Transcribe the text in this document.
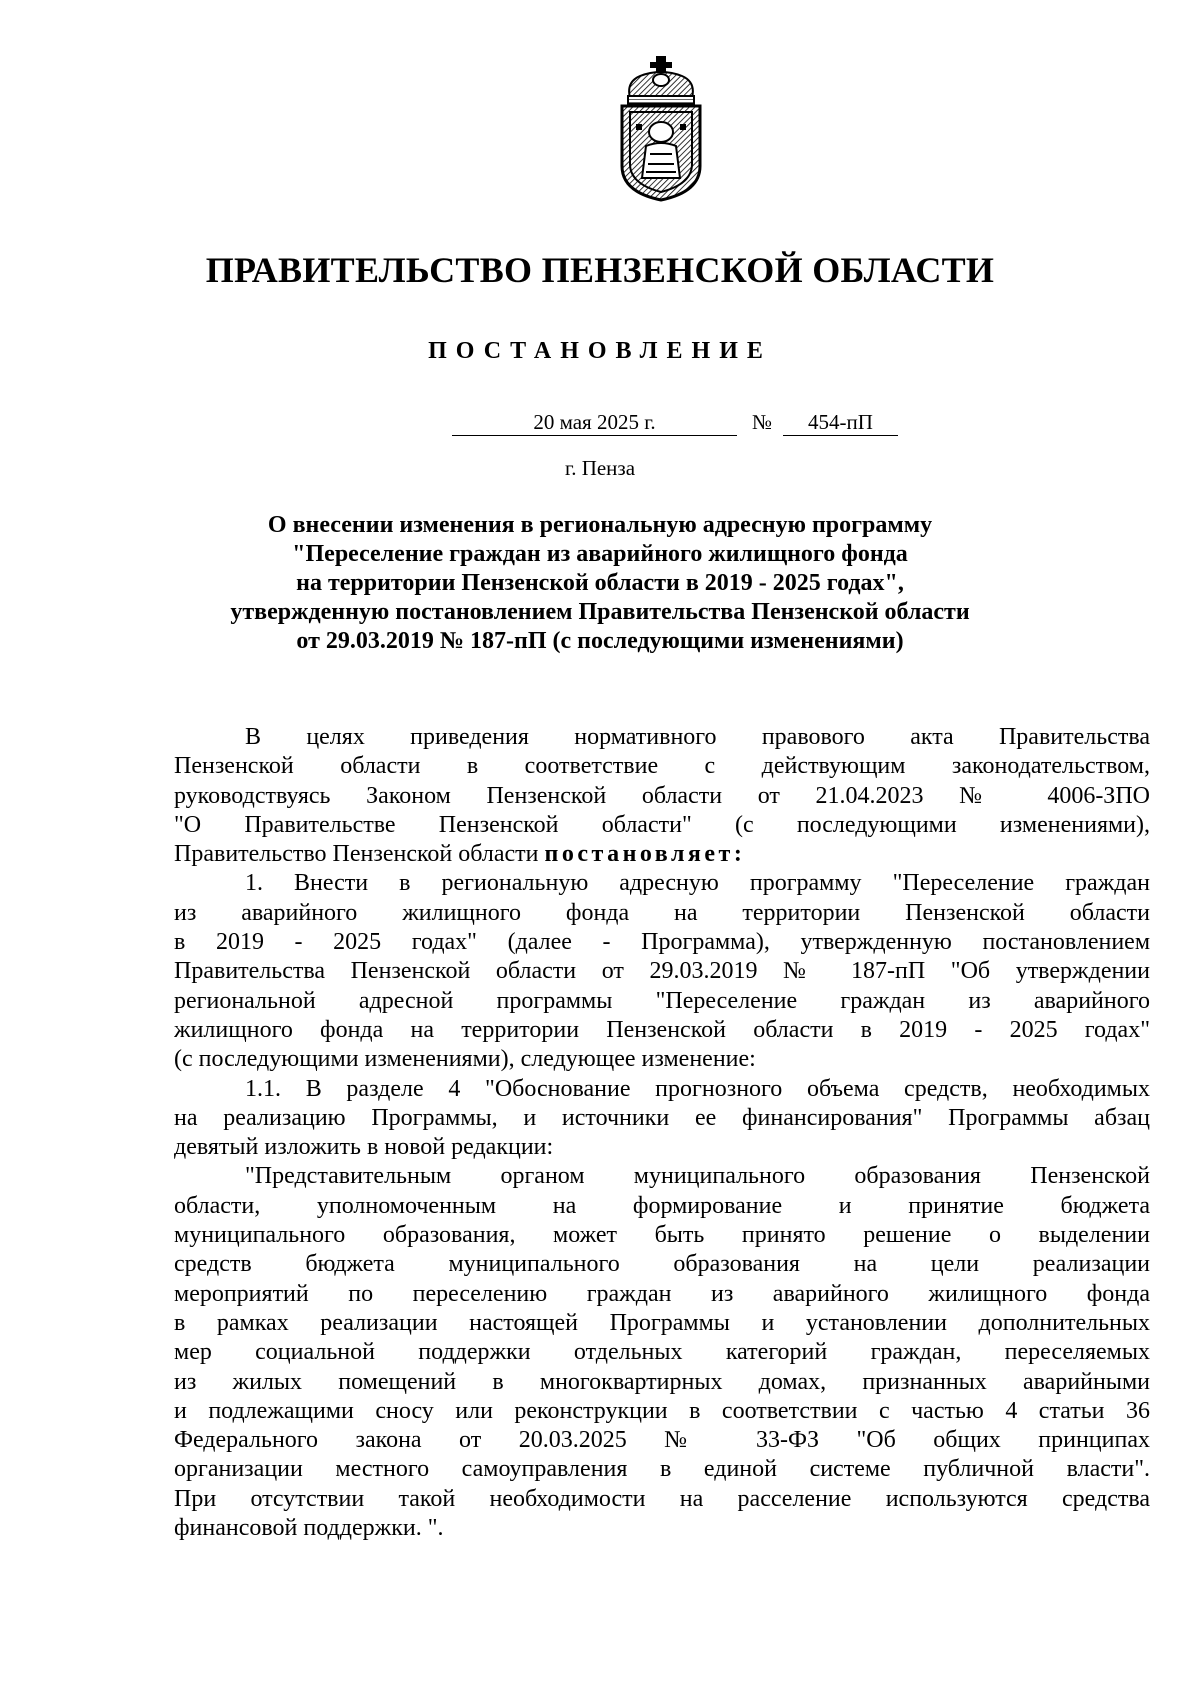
ПРАВИТЕЛЬСТВО ПЕНЗЕНСКОЙ ОБЛАСТИ
ПОСТАНОВЛЕНИЕ
20 мая 2025 г.	№	454-пП
г. Пенза
О внесении изменения в региональную адресную программу
"Переселение граждан из аварийного жилищного фонда
на территории Пензенской области в 2019 - 2025 годах",
утвержденную постановлением Правительства Пензенской области
от 29.03.2019 № 187-пП (с последующими изменениями)
В целях приведения нормативного правового акта Правительства
Пензенской области в соответствие с действующим законодательством,
руководствуясь Законом Пензенской области от 21.04.2023 № 4006-ЗПО
"О Правительстве Пензенской области" (с последующими изменениями),
Правительство Пензенской области постановляет:
1. Внести в региональную адресную программу "Переселение граждан
из аварийного жилищного фонда на территории Пензенской области
в 2019 - 2025 годах" (далее - Программа), утвержденную постановлением
Правительства Пензенской области от 29.03.2019 № 187-пП "Об утверждении
региональной адресной программы "Переселение граждан из аварийного
жилищного фонда на территории Пензенской области в 2019 - 2025 годах"
(с последующими изменениями), следующее изменение:
1.1. В разделе 4 "Обоснование прогнозного объема средств, необходимых
на реализацию Программы, и источники ее финансирования" Программы абзац
девятый изложить в новой редакции:
"Представительным органом муниципального образования Пензенской
области, уполномоченным на формирование и принятие бюджета
муниципального образования, может быть принято решение о выделении
средств бюджета муниципального образования на цели реализации
мероприятий по переселению граждан из аварийного жилищного фонда
в рамках реализации настоящей Программы и установлении дополнительных
мер социальной поддержки отдельных категорий граждан, переселяемых
из жилых помещений в многоквартирных домах, признанных аварийными
и подлежащими сносу или реконструкции в соответствии с частью 4 статьи 36
Федерального закона от 20.03.2025 № 33-ФЗ "Об общих принципах
организации местного самоуправления в единой системе публичной власти".
При отсутствии такой необходимости на расселение используются средства
финансовой поддержки. ".
